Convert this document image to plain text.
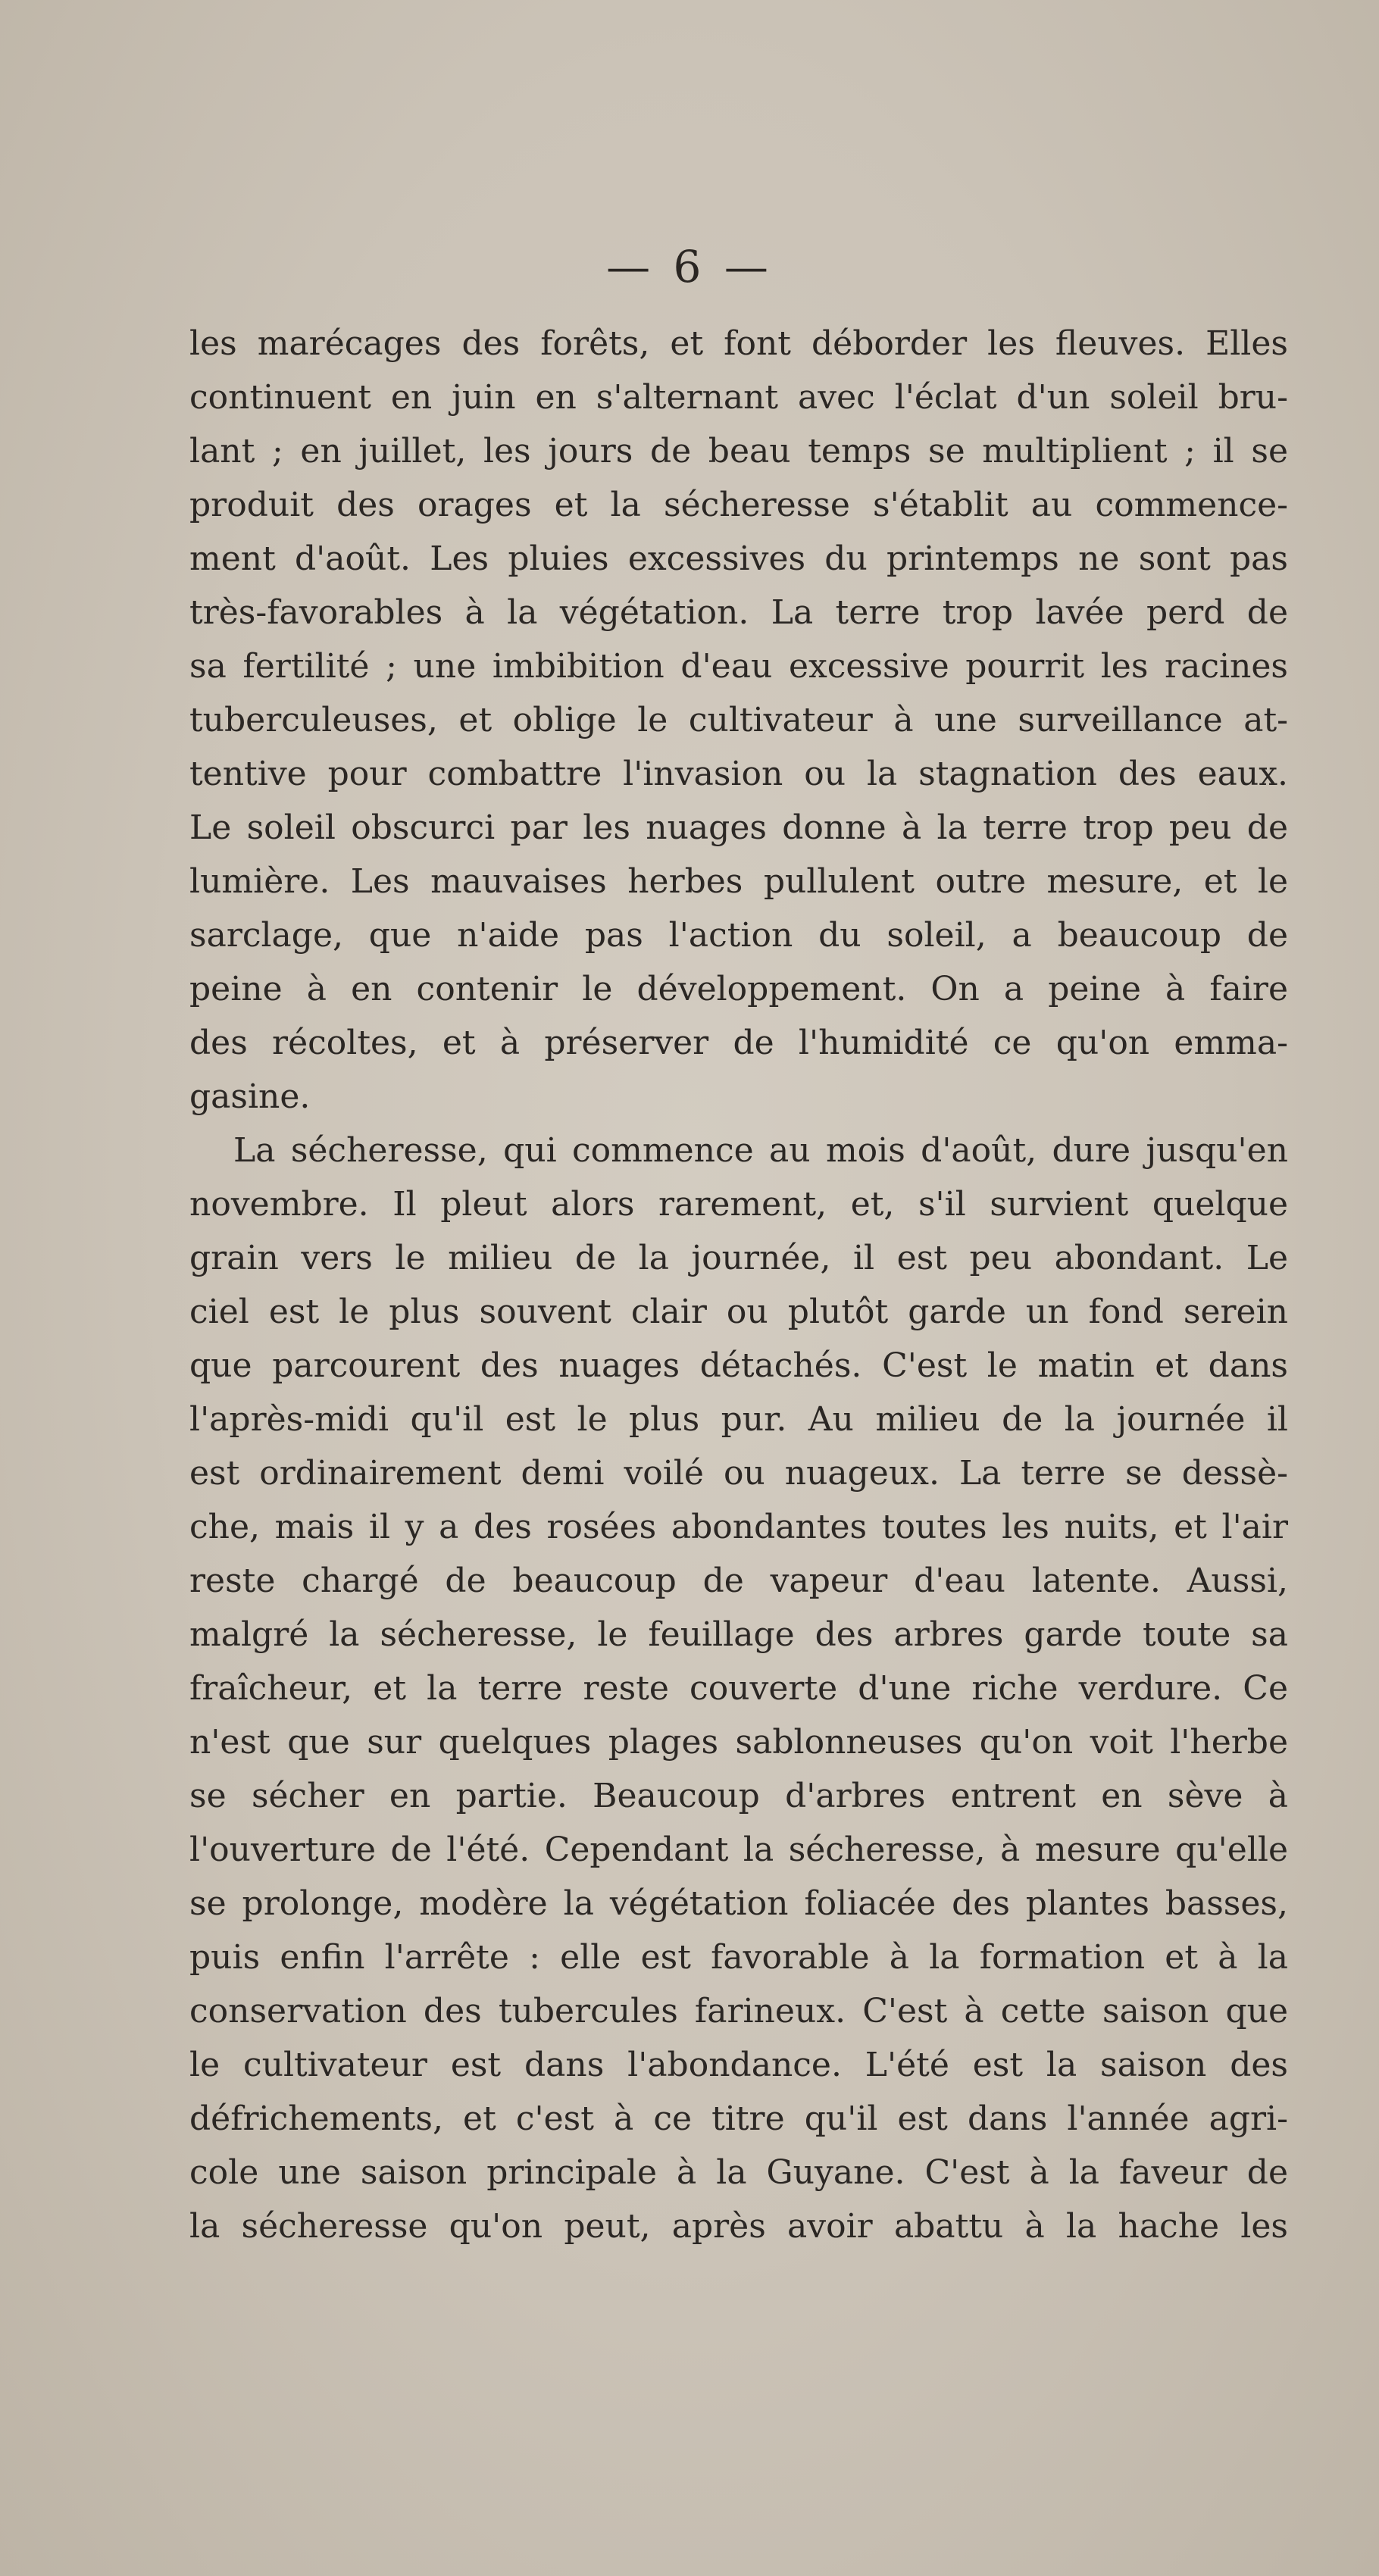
— 6 —
les marécages des forêts, et font déborder les fleuves. Elles
continuent en juin en s'alternant avec l'éclat d'un soleil bru-
lant ; en juillet, les jours de beau temps se multiplient ; il se
produit des orages et la sécheresse s'établit au commence-
ment d'août. Les pluies excessives du printemps ne sont pas
très-favorables à la végétation. La terre trop lavée perd de
sa fertilité ; une imbibition d'eau excessive pourrit les racines
tuberculeuses, et oblige le cultivateur à une surveillance at-
tentive pour combattre l'invasion ou la stagnation des eaux.
Le soleil obscurci par les nuages donne à la terre trop peu de
lumière. Les mauvaises herbes pullulent outre mesure, et le
sarclage, que n'aide pas l'action du soleil, a beaucoup de
peine à en contenir le développement. On a peine à faire
des récoltes, et à préserver de l'humidité ce qu'on emma-
gasine.
La sécheresse, qui commence au mois d'août, dure jusqu'en
novembre. Il pleut alors rarement, et, s'il survient quelque
grain vers le milieu de la journée, il est peu abondant. Le
ciel est le plus souvent clair ou plutôt garde un fond serein
que parcourent des nuages détachés. C'est le matin et dans
l'après-midi qu'il est le plus pur. Au milieu de la journée il
est ordinairement demi voilé ou nuageux. La terre se dessè-
che, mais il y a des rosées abondantes toutes les nuits, et l'air
reste chargé de beaucoup de vapeur d'eau latente. Aussi,
malgré la sécheresse, le feuillage des arbres garde toute sa
fraîcheur, et la terre reste couverte d'une riche verdure. Ce
n'est que sur quelques plages sablonneuses qu'on voit l'herbe
se sécher en partie. Beaucoup d'arbres entrent en sève à
l'ouverture de l'été. Cependant la sécheresse, à mesure qu'elle
se prolonge, modère la végétation foliacée des plantes basses,
puis enfin l'arrête : elle est favorable à la formation et à la
conservation des tubercules farineux. C'est à cette saison que
le cultivateur est dans l'abondance. L'été est la saison des
défrichements, et c'est à ce titre qu'il est dans l'année agri-
cole une saison principale à la Guyane. C'est à la faveur de
la sécheresse qu'on peut, après avoir abattu à la hache les
